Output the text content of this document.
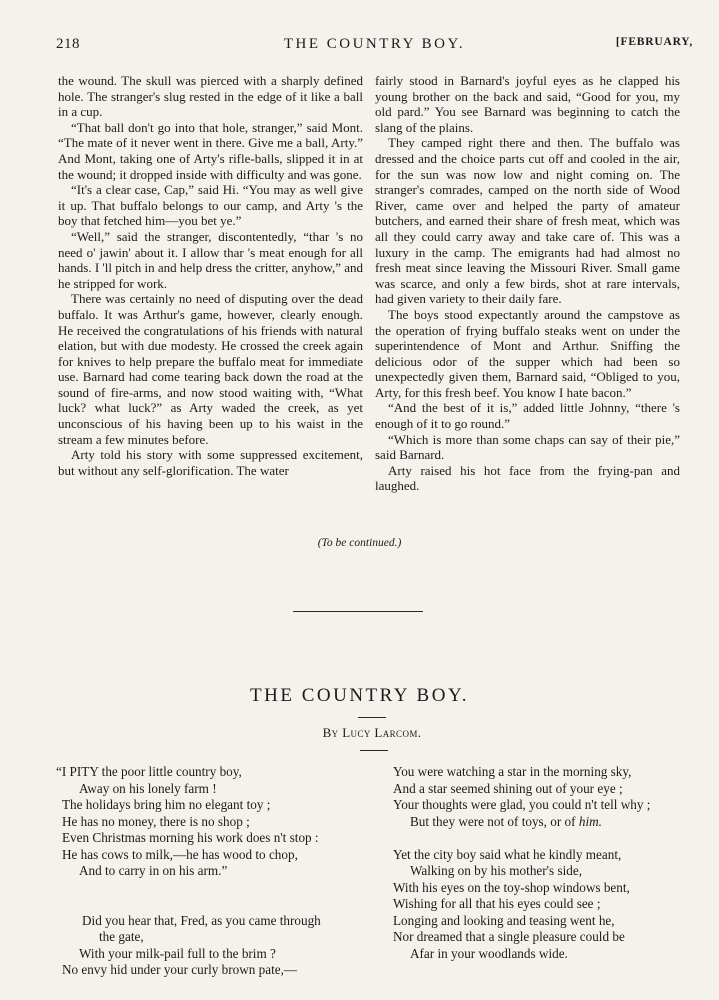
218	THE COUNTRY BOY.	[FEBRUARY,

the wound. The skull was pierced with a sharply defined hole. The stranger's slug rested in the edge of it like a ball in a cup.

“That ball don't go into that hole, stranger,” said Mont. “The mate of it never went in there. Give me a ball, Arty.” And Mont, taking one of Arty's rifle-balls, slipped it in at the wound; it dropped inside with difficulty and was gone.

“It's a clear case, Cap,” said Hi. “You may as well give it up. That buffalo belongs to our camp, and Arty 's the boy that fetched him—you bet ye.”

“Well,” said the stranger, discontentedly, “thar 's no need o' jawin' about it. I allow thar 's meat enough for all hands. I 'll pitch in and help dress the critter, anyhow,” and he stripped for work.

There was certainly no need of disputing over the dead buffalo. It was Arthur's game, however, clearly enough. He received the congratulations of his friends with natural elation, but with due modesty. He crossed the creek again for knives to help prepare the buffalo meat for immediate use. Barnard had come tearing back down the road at the sound of fire-arms, and now stood waiting with, “What luck? what luck?” as Arty waded the creek, as yet unconscious of his having been up to his waist in the stream a few minutes before.

Arty told his story with some suppressed excitement, but without any self-glorification. The water

fairly stood in Barnard's joyful eyes as he clapped his young brother on the back and said, “Good for you, my old pard.” You see Barnard was beginning to catch the slang of the plains.

They camped right there and then. The buffalo was dressed and the choice parts cut off and cooled in the air, for the sun was now low and night coming on. The stranger's comrades, camped on the north side of Wood River, came over and helped the party of amateur butchers, and earned their share of fresh meat, which was all they could carry away and take care of. This was a luxury in the camp. The emigrants had had almost no fresh meat since leaving the Missouri River. Small game was scarce, and only a few birds, shot at rare intervals, had given variety to their daily fare.

The boys stood expectantly around the campstove as the operation of frying buffalo steaks went on under the superintendence of Mont and Arthur. Sniffing the delicious odor of the supper which had been so unexpectedly given them, Barnard said, “Obliged to you, Arty, for this fresh beef. You know I hate bacon.”

“And the best of it is,” added little Johnny, “there 's enough of it to go round.”

“Which is more than some chaps can say of their pie,” said Barnard.

Arty raised his hot face from the frying-pan and laughed.

(To be continued.)
THE COUNTRY BOY.
By Lucy Larcom.
“I PITY the poor little country boy,
Away on his lonely farm !
The holidays bring him no elegant toy ;
He has no money, there is no shop ;
Even Christmas morning his work does n't stop :
He has cows to milk,—he has wood to chop,
And to carry in on his arm.”
Did you hear that, Fred, as you came through
the gate,
With your milk-pail full to the brim ?
No envy hid under your curly brown pate,—
You were watching a star in the morning sky,
And a star seemed shining out of your eye ;
Your thoughts were glad, you could n't tell why ;
But they were not of toys, or of him.
Yet the city boy said what he kindly meant,
Walking on by his mother's side,
With his eyes on the toy-shop windows bent,
Wishing for all that his eyes could see ;
Longing and looking and teasing went he,
Nor dreamed that a single pleasure could be
Afar in your woodlands wide.
